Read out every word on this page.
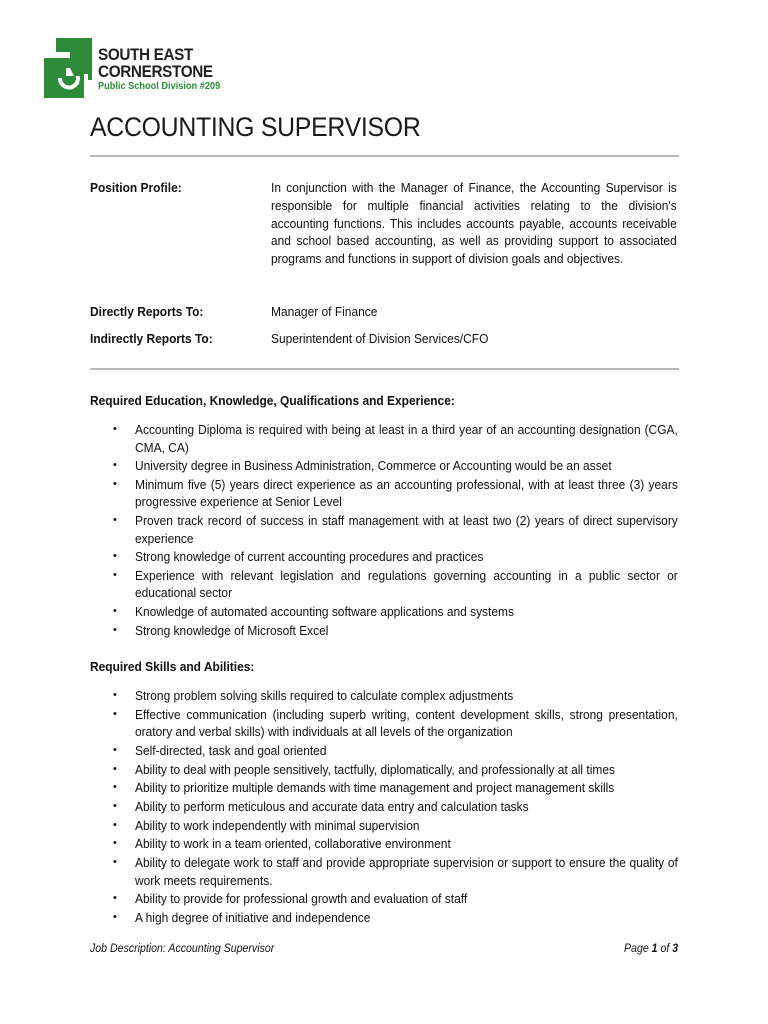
SOUTH EAST
CORNERSTONE
Public School Division #209
ACCOUNTING SUPERVISOR
Position Profile:	In conjunction with the Manager of Finance, the Accounting Supervisor is responsible for multiple financial activities relating to the division's accounting functions. This includes accounts payable, accounts receivable and school based accounting, as well as providing support to associated programs and functions in support of division goals and objectives.
Directly Reports To:	Manager of Finance
Indirectly Reports To:	Superintendent of Division Services/CFO
Required Education, Knowledge, Qualifications and Experience:
• Accounting Diploma is required with being at least in a third year of an accounting designation (CGA, CMA, CA)
• University degree in Business Administration, Commerce or Accounting would be an asset
• Minimum five (5) years direct experience as an accounting professional, with at least three (3) years progressive experience at Senior Level
• Proven track record of success in staff management with at least two (2) years of direct supervisory experience
• Strong knowledge of current accounting procedures and practices
• Experience with relevant legislation and regulations governing accounting in a public sector or educational sector
• Knowledge of automated accounting software applications and systems
• Strong knowledge of Microsoft Excel
Required Skills and Abilities:
• Strong problem solving skills required to calculate complex adjustments
• Effective communication (including superb writing, content development skills, strong presentation, oratory and verbal skills) with individuals at all levels of the organization
• Self-directed, task and goal oriented
• Ability to deal with people sensitively, tactfully, diplomatically, and professionally at all times
• Ability to prioritize multiple demands with time management and project management skills
• Ability to perform meticulous and accurate data entry and calculation tasks
• Ability to work independently with minimal supervision
• Ability to work in a team oriented, collaborative environment
• Ability to delegate work to staff and provide appropriate supervision or support to ensure the quality of work meets requirements.
• Ability to provide for professional growth and evaluation of staff
• A high degree of initiative and independence
Job Description: Accounting Supervisor	Page 1 of 3
